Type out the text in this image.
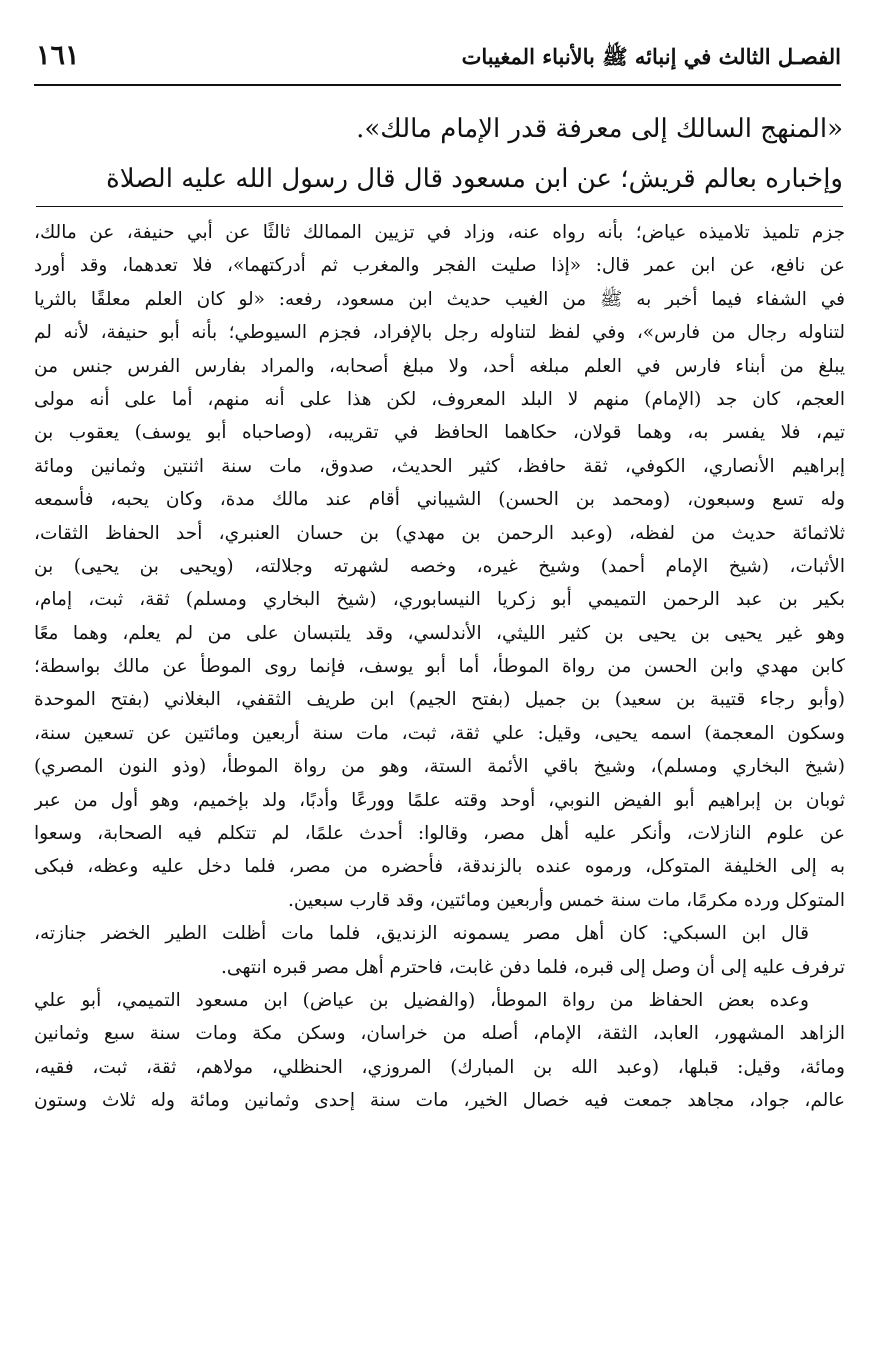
الفصـل الثالث في إنبائه ﷺ بالأنباء المغيبات
١٦١
«المنهج السالك إلى معرفة قدر الإمام مالك».
وإخباره بعالم قريش؛ عن ابن مسعود قال قال رسول الله عليه الصلاة
جزم تلميذ تلاميذه عياض؛ بأنه رواه عنه، وزاد في تزيين الممالك ثالثًا عن أبي حنيفة، عن مالك،
عن نافع، عن ابن عمر قال: «إذا صليت الفجر والمغرب ثم أدركتهما»، فلا تعدهما، وقد أورد
في الشفاء فيما أخبر به ﷺ من الغيب حديث ابن مسعود، رفعه: «لو كان العلم معلقًا بالثريا
لتناوله رجال من فارس»، وفي لفظ لتناوله رجل بالإفراد، فجزم السيوطي؛ بأنه أبو حنيفة، لأنه لم
يبلغ من أبناء فارس في العلم مبلغه أحد، ولا مبلغ أصحابه، والمراد بفارس الفرس جنس من
العجم، كان جد (الإمام) منهم لا البلد المعروف، لكن هذا على أنه منهم، أما على أنه مولى
تيم، فلا يفسر به، وهما قولان، حكاهما الحافظ في تقريبه، (وصاحباه أبو يوسف) يعقوب بن
إبراهيم الأنصاري، الكوفي، ثقة حافظ، كثير الحديث، صدوق، مات سنة اثنتين وثمانين ومائة
وله تسع وسبعون، (ومحمد بن الحسن) الشيباني أقام عند مالك مدة، وكان يحبه، فأسمعه
ثلاثمائة حديث من لفظه، (وعبد الرحمن بن مهدي) بن حسان العنبري، أحد الحفاظ الثقات،
الأثبات، (شيخ الإمام أحمد) وشيخ غيره، وخصه لشهرته وجلالته، (ويحيى بن يحيى) بن
بكير بن عبد الرحمن التميمي أبو زكريا النيسابوري، (شيخ البخاري ومسلم) ثقة، ثبت، إمام،
وهو غير يحيى بن يحيى بن كثير الليثي، الأندلسي، وقد يلتبسان على من لم يعلم، وهما معًا
كابن مهدي وابن الحسن من رواة الموطأ، أما أبو يوسف، فإنما روى الموطأ عن مالك بواسطة؛
(وأبو رجاء قتيبة بن سعيد) بن جميل (بفتح الجيم) ابن طريف الثقفي، البغلاني (بفتح الموحدة
وسكون المعجمة) اسمه يحيى، وقيل: علي ثقة، ثبت، مات سنة أربعين ومائتين عن تسعين سنة،
(شيخ البخاري ومسلم)، وشيخ باقي الأئمة الستة، وهو من رواة الموطأ، (وذو النون المصري)
ثوبان بن إبراهيم أبو الفيض النوبي، أوحد وقته علمًا وورعًا وأدبًا، ولد بإخميم، وهو أول من عبر
عن علوم النازلات، وأنكر عليه أهل مصر، وقالوا: أحدث علمًا، لم تتكلم فيه الصحابة، وسعوا
به إلى الخليفة المتوكل، ورموه عنده بالزندقة، فأحضره من مصر، فلما دخل عليه وعظه، فبكى
المتوكل ورده مكرمًا، مات سنة خمس وأربعين ومائتين، وقد قارب سبعين.
قال ابن السبكي: كان أهل مصر يسمونه الزنديق، فلما مات أظلت الطير الخضر جنازته،
ترفرف عليه إلى أن وصل إلى قبره، فلما دفن غابت، فاحترم أهل مصر قبره انتهى.
وعده بعض الحفاظ من رواة الموطأ، (والفضيل بن عياض) ابن مسعود التميمي، أبو علي
الزاهد المشهور، العابد، الثقة، الإمام، أصله من خراسان، وسكن مكة ومات سنة سبع وثمانين
ومائة، وقيل: قبلها، (وعبد الله بن المبارك) المروزي، الحنظلي، مولاهم، ثقة، ثبت، فقيه،
عالم، جواد، مجاهد جمعت فيه خصال الخير، مات سنة إحدى وثمانين ومائة وله ثلاث وستون
